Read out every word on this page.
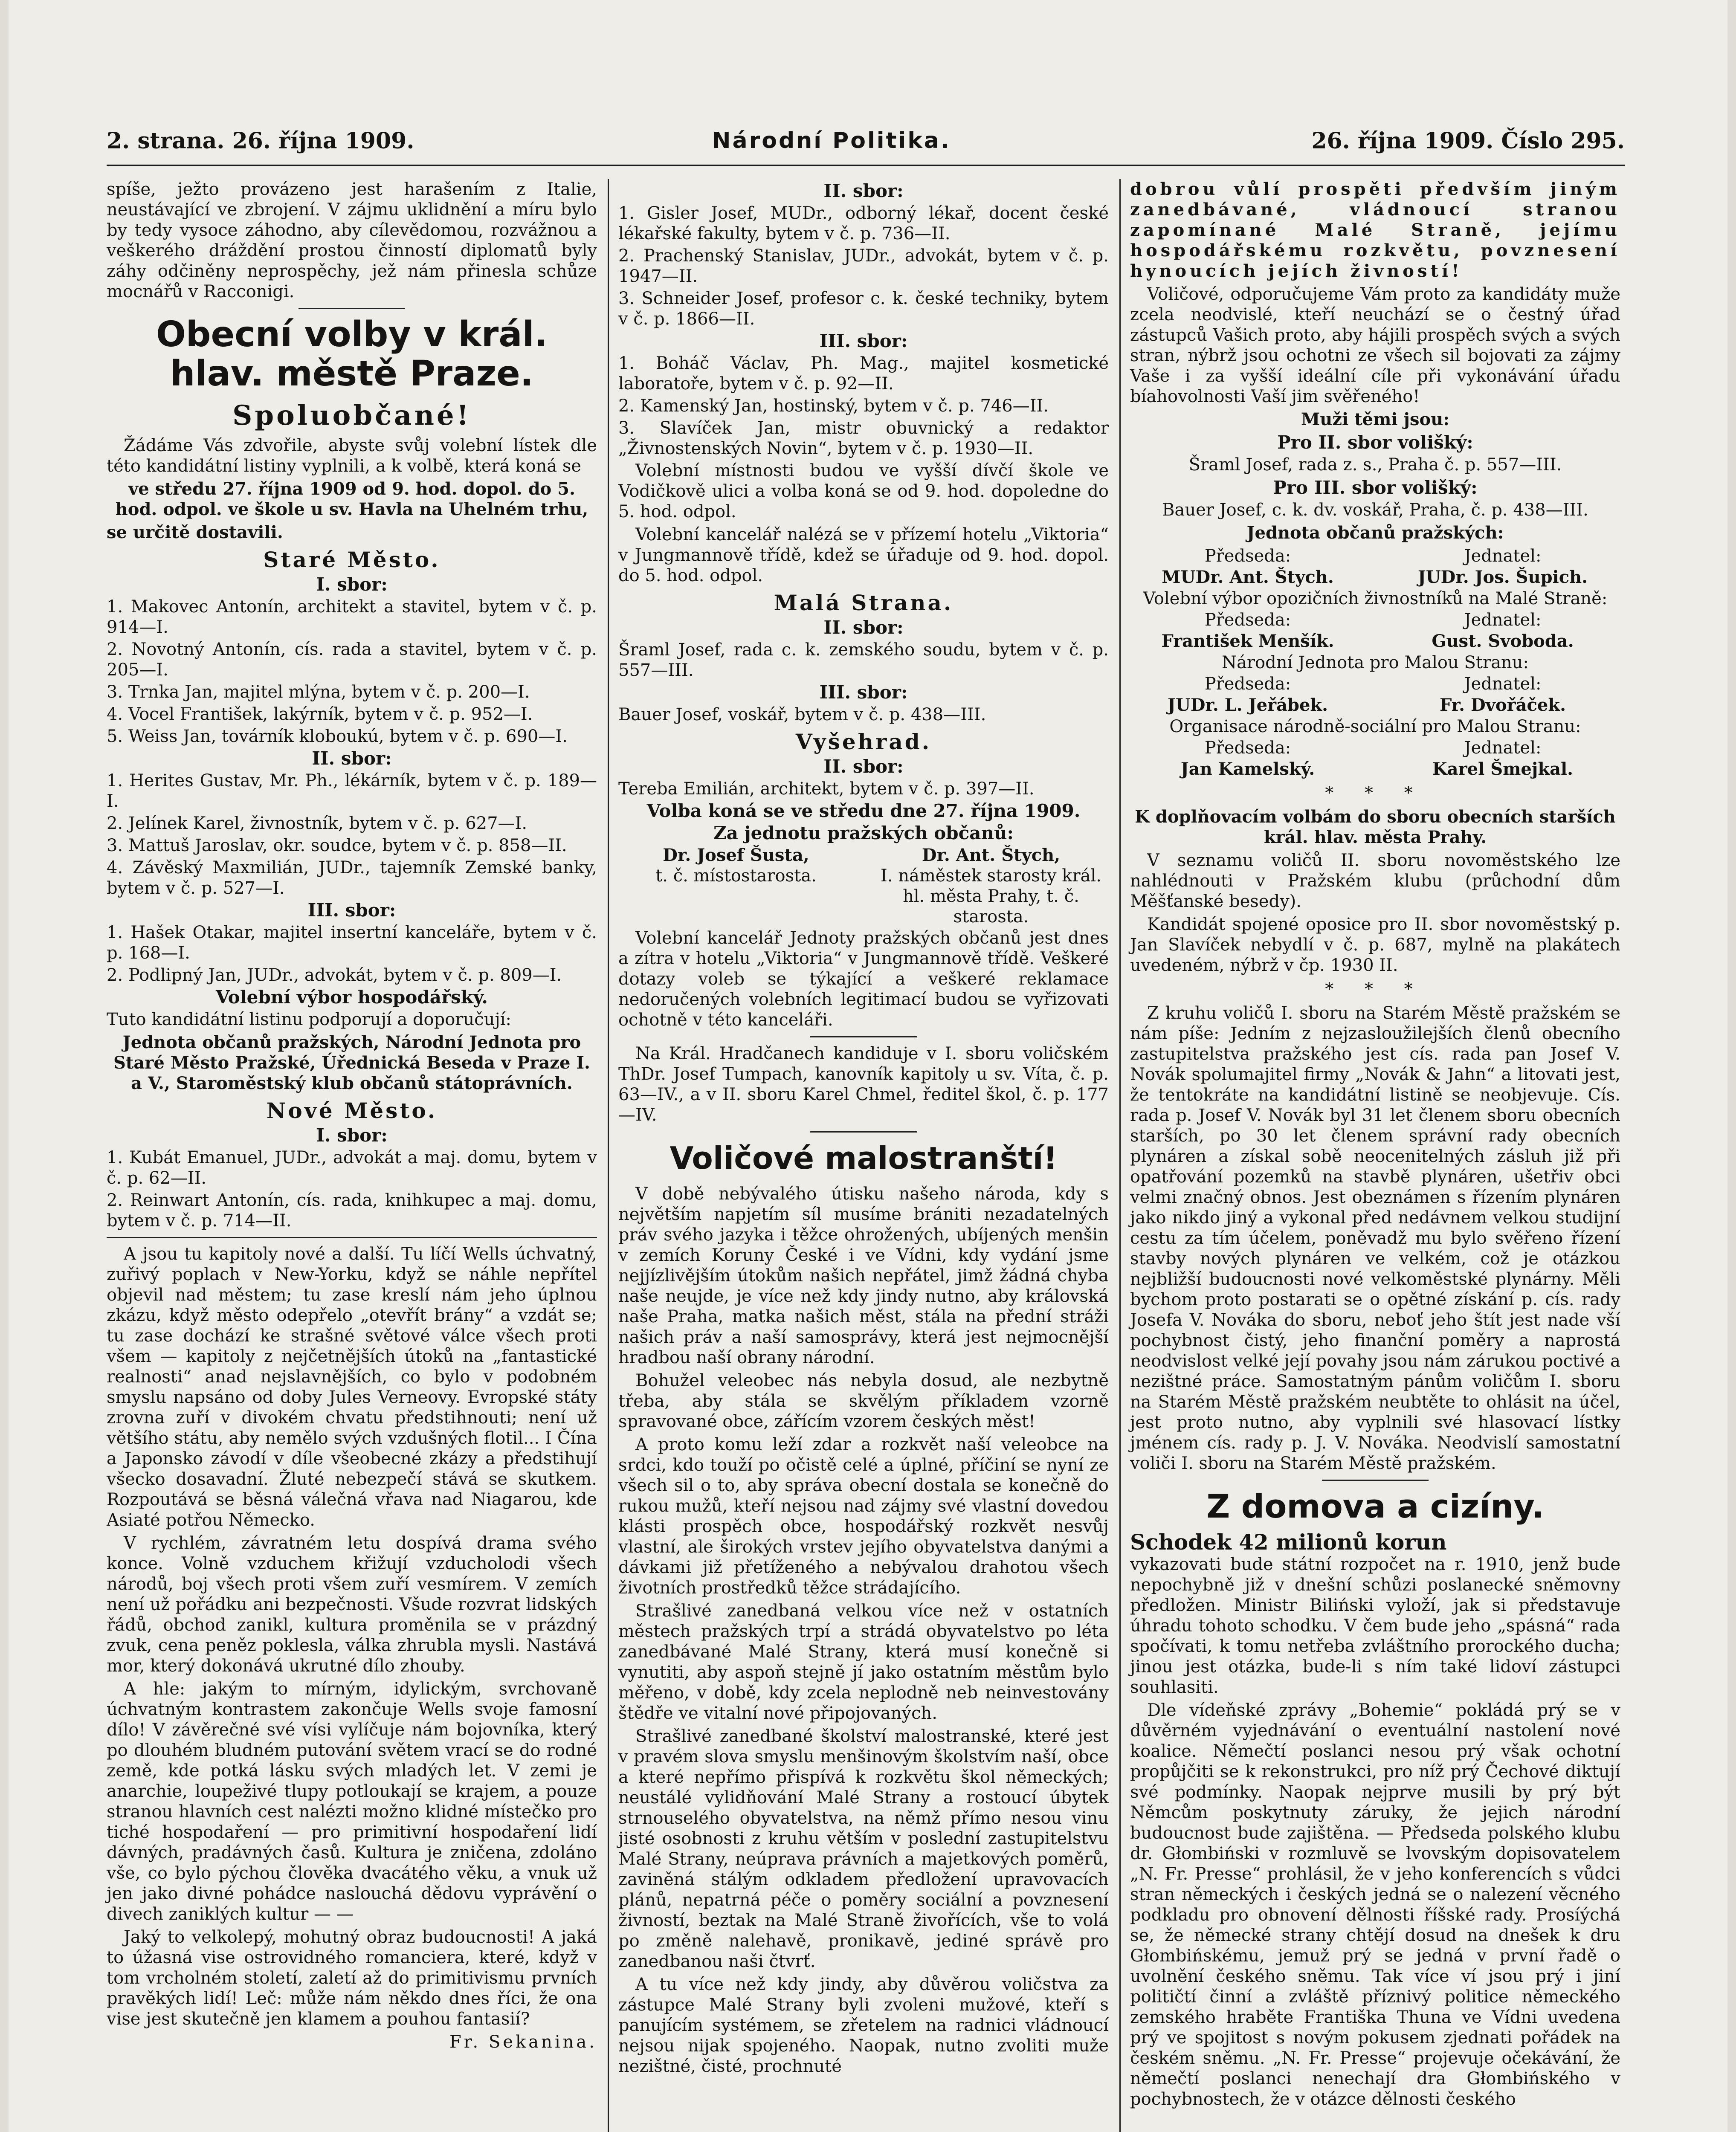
2. strana. 26. října 1909.	Národní Politika.	26. října 1909. Číslo 295.

spíše, ježto provázeno jest harašením z Italie, neustávající ve zbrojení. V zájmu uklidnění a míru bylo by tedy vysoce záhodno, aby cílevědomou, rozvážnou a veškerého dráždění prostou činností diplomatů byly záhy odčiněny neprospěchy, jež nám přinesla schůze mocnářů v Racconigi.

Obecní volby v král. hlav. městě Praze.
Spoluobčané!

Žádáme Vás zdvořile, abyste svůj volební lístek dle této kandidátní listiny vyplnili, a k volbě, která koná se

ve středu 27. října 1909 od 9. hod. dopol. do 5. hod. odpol. ve škole u sv. Havla na Uhelném trhu,

se určitě dostavili.

Staré Město.
I. sbor:

1. Makovec Antonín, architekt a stavitel, bytem v č. p. 914—I.

2. Novotný Antonín, cís. rada a stavitel, bytem v č. p. 205—I.

3. Trnka Jan, majitel mlýna, bytem v č. p. 200—I.

4. Vocel František, lakýrník, bytem v č. p. 952—I.

5. Weiss Jan, továrník kloboukú, bytem v č. p. 690—I.

II. sbor:

1. Herites Gustav, Mr. Ph., lékárník, bytem v č. p. 189—I.

2. Jelínek Karel, živnostník, bytem v č. p. 627—I.

3. Mattuš Jaroslav, okr. soudce, bytem v č. p. 858—II.

4. Závěský Maxmilián, JUDr., tajemník Zemské banky, bytem v č. p. 527—I.

III. sbor:

1. Hašek Otakar, majitel insertní kanceláře, bytem v č. p. 168—I.

2. Podlipný Jan, JUDr., advokát, bytem v č. p. 809—I.

Volební výbor hospodářský.

Tuto kandidátní listinu podporují a doporučují:

Jednota občanů pražských, Národní Jednota pro Staré Město Pražské, Úřednická Beseda v Praze I. a V., Staroměstský klub občanů státoprávních.

Nové Město.
I. sbor:

1. Kubát Emanuel, JUDr., advokát a maj. domu, bytem v č. p. 62—II.

2. Reinwart Antonín, cís. rada, knihkupec a maj. domu, bytem v č. p. 714—II.

A jsou tu kapitoly nové a další. Tu líčí Wells úchvatný, zuřivý poplach v New-Yorku, když se náhle nepřítel objevil nad městem; tu zase kreslí nám jeho úplnou zkázu, když město odepřelo „otevřít brány“ a vzdát se; tu zase dochází ke strašné světové válce všech proti všem — kapitoly z nejčetnějších útoků na „fantastické realnosti“ anad nejslavnějších, co bylo v podobném smyslu napsáno od doby Jules Verneovy. Evropské státy zrovna zuří v divokém chvatu předstihnouti; není už většího státu, aby nemělo svých vzdušných flotil... I Čína a Japonsko závodí v díle všeobecné zkázy a předstihují všecko dosavadní. Žluté nebezpečí stává se skutkem. Rozpoutává se běsná válečná vřava nad Niagarou, kde Asiaté potřou Německo.

V rychlém, závratném letu dospívá drama svého konce. Volně vzduchem křižují vzducholodi všech národů, boj všech proti všem zuří vesmírem. V zemích není už pořádku ani bezpečnosti. Všude rozvrat lidských řádů, obchod zanikl, kultura proměnila se v prázdný zvuk, cena peněz poklesla, válka zhrubla mysli. Nastává mor, který dokonává ukrutné dílo zhouby.

A hle: jakým to mírným, idylickým, svrchovaně úchvatným kontrastem zakončuje Wells svoje famosní dílo! V závěrečné své vísi vylíčuje nám bojovníka, který po dlouhém bludném putování světem vrací se do rodné země, kde potká lásku svých mladých let. V zemi je anarchie, loupeživé tlupy potloukají se krajem, a pouze stranou hlavních cest nalézti možno klidné místečko pro tiché hospodaření — pro primitivní hospodaření lidí dávných, pradávných časů. Kultura je zničena, zdoláno vše, co bylo pýchou člověka dvacátého věku, a vnuk už jen jako divné pohádce naslouchá dědovu vyprávění o divech zaniklých kultur — —

Jaký to velkolepý, mohutný obraz budoucnosti! A jaká to úžasná vise ostrovidného romanciera, které, když v tom vrcholném století, zaletí až do primitivismu prvních pravěkých lidí! Leč: může nám někdo dnes říci, že ona vise jest skutečně jen klamem a pouhou fantasií?

Fr. Sekanina.

II. sbor:

1. Gisler Josef, MUDr., odborný lékař, docent české lékařské fakulty, bytem v č. p. 736—II.

2. Prachenský Stanislav, JUDr., advokát, bytem v č. p. 1947—II.

3. Schneider Josef, profesor c. k. české techniky, bytem v č. p. 1866—II.

III. sbor:

1. Boháč Václav, Ph. Mag., majitel kosmetické laboratoře, bytem v č. p. 92—II.

2. Kamenský Jan, hostinský, bytem v č. p. 746—II.

3. Slavíček Jan, mistr obuvnický a redaktor „Živnostenských Novin“, bytem v č. p. 1930—II.

Volební místnosti budou ve vyšší dívčí škole ve Vodičkově ulici a volba koná se od 9. hod. dopoledne do 5. hod. odpol.

Volební kancelář nalézá se v přízemí hotelu „Viktoria“ v Jungmannově třídě, kdež se úřaduje od 9. hod. dopol. do 5. hod. odpol.

Malá Strana.
II. sbor:

Šraml Josef, rada c. k. zemského soudu, bytem v č. p. 557—III.

III. sbor:

Bauer Josef, voskář, bytem v č. p. 438—III.

Vyšehrad.
II. sbor:

Tereba Emilián, architekt, bytem v č. p. 397—II.

Volba koná se ve středu dne 27. října 1909.
Za jednotu pražských občanů:
Dr. Josef Šusta,
t. č. místostarosta.
Dr. Ant. Štych,
I. náměstek starosty král. hl. města Prahy, t. č. starosta.

Volební kancelář Jednoty pražských občanů jest dnes a zítra v hotelu „Viktoria“ v Jungmannově třídě. Veškeré dotazy voleb se týkající a veškeré reklamace nedoručených volebních legitimací budou se vyřizovati ochotně v této kanceláři.

Na Král. Hradčanech kandiduje v I. sboru voličském ThDr. Josef Tumpach, kanovník kapitoly u sv. Víta, č. p. 63—IV., a v II. sboru Karel Chmel, ředitel škol, č. p. 177—IV.

Voličové malostranští!

V době nebývalého útisku našeho národa, kdy s největším napjetím síl musíme brániti nezadatelných práv svého jazyka i těžce ohrožených, ubíjených menšin v zemích Koruny České i ve Vídni, kdy vydání jsme nejjízlivějším útokům našich nepřátel, jimž žádná chyba naše neujde, je více než kdy jindy nutno, aby královská naše Praha, matka našich měst, stála na přední stráži našich práv a naší samosprávy, která jest nejmocnější hradbou naší obrany národní.

Bohužel veleobec nás nebyla dosud, ale nezbytně třeba, aby stála se skvělým příkladem vzorně spravované obce, zářícím vzorem českých měst!

A proto komu leží zdar a rozkvět naší veleobce na srdci, kdo touží po očistě celé a úplné, příčiní se nyní ze všech sil o to, aby správa obecní dostala se konečně do rukou mužů, kteří nejsou nad zájmy své vlastní dovedou klásti prospěch obce, hospodářský rozkvět nesvůj vlastní, ale širokých vrstev jejího obyvatelstva danými a dávkami již přetíženého a nebývalou drahotou všech životních prostředků těžce strádajícího.

Strašlivé zanedbaná velkou více než v ostatních městech pražských trpí a strádá obyvatelstvo po léta zanedbávané Malé Strany, která musí konečně si vynutiti, aby aspoň stejně jí jako ostatním městům bylo měřeno, v době, kdy zcela neplodně neb neinvestovány štědře ve vitalní nové připojovaných.

Strašlivé zanedbané školství malostranské, které jest v pravém slova smyslu menšinovým školstvím naší, obce a které nepřímo přispívá k rozkvětu škol německých; neustálé vylidňování Malé Strany a rostoucí úbytek strnouselého obyvatelstva, na němž přímo nesou vinu jisté osobnosti z kruhu větším v poslední zastupitelstvu Malé Strany, neúprava právních a majetkových poměrů, zaviněná stálým odkladem předložení upravovacích plánů, nepatrná péče o poměry sociální a povznesení živností, beztak na Malé Straně živořících, vše to volá po změně nalehavě, pronikavě, jediné správě pro zanedbanou naši čtvrť.

A tu více než kdy jindy, aby důvěrou voličstva za zástupce Malé Strany byli zvoleni mužové, kteří s panujícím systémem, se zřetelem na radnici vládnoucí nejsou nijak spojeného. Naopak, nutno zvoliti muže nezištné, čisté, prochnuté

dobrou vůlí prospěti předvším jiným zanedbávané, vládnoucí stranou zapomínané Malé Straně, jejímu hospodářskému rozkvětu, povznesení hynoucích jejích živností!

Voličové, odporučujeme Vám proto za kandidáty muže zcela neodvislé, kteří neuchází se o čestný úřad zástupců Vašich proto, aby hájili prospěch svých a svých stran, nýbrž jsou ochotni ze všech sil bojovati za zájmy Vaše i za vyšší ideální cíle při vykonávání úřadu bíahovolnosti Vaší jim svěřeného!

Muži těmi jsou:
Pro II. sbor volišký:

Šraml Josef, rada z. s., Praha č. p. 557—III.

Pro III. sbor volišký:

Bauer Josef, c. k. dv. voskář, Praha, č. p. 438—III.

Jednota občanů pražských:
Předseda:	Jednatel:
MUDr. Ant. Štych.	JUDr. Jos. Šupich.
Volební výbor opozičních živnostníků na Malé Straně:
Předseda:	Jednatel:
František Menšík.	Gust. Svoboda.
Národní Jednota pro Malou Stranu:
Předseda:	Jednatel:
JUDr. L. Jeřábek.	Fr. Dvořáček.
Organisace národně-sociální pro Malou Stranu:
Předseda:	Jednatel:
Jan Kamelský.	Karel Šmejkal.
* * *
K doplňovacím volbám do sboru obecních starších král. hlav. města Prahy.

V seznamu voličů II. sboru novoměstského lze nahlédnouti v Pražském klubu (průchodní dům Měšťanské besedy).

Kandidát spojené oposice pro II. sbor novoměstský p. Jan Slavíček nebydlí v č. p. 687, mylně na plakátech uvedeném, nýbrž v čp. 1930 II.

* * *

Z kruhu voličů I. sboru na Starém Městě pražském se nám píše: Jedním z nejzasloužilejších členů obecního zastupitelstva pražského jest cís. rada pan Josef V. Novák spolumajitel firmy „Novák & Jahn“ a litovati jest, že tentokráte na kandidátní listině se neobjevuje. Cís. rada p. Josef V. Novák byl 31 let členem sboru obecních starších, po 30 let členem správní rady obecních plynáren a získal sobě neocenitelných zásluh již při opatřování pozemků na stavbě plynáren, ušetřiv obci velmi značný obnos. Jest obeznámen s řízením plynáren jako nikdo jiný a vykonal před nedávnem velkou studijní cestu za tím účelem, poněvadž mu bylo svěřeno řízení stavby nových plynáren ve velkém, což je otázkou nejbližší budoucnosti nové velkoměstské plynárny. Měli bychom proto postarati se o opětné získání p. cís. rady Josefa V. Nováka do sboru, neboť jeho štít jest nade vší pochybnost čistý, jeho finanční poměry a naprostá neodvislost velké její povahy jsou nám zárukou poctivé a nezištné práce. Samostatným pánům voličům I. sboru na Starém Městě pražském neubtěte to ohlásit na účel, jest proto nutno, aby vyplnili své hlasovací lístky jménem cís. rady p. J. V. Nováka. Neodvislí samostatní voliči I. sboru na Starém Městě pražském.

Z domova a cizíny.
Schodek 42 milionů korun

vykazovati bude státní rozpočet na r. 1910, jenž bude nepochybně již v dnešní schůzi poslanecké sněmovny předložen. Ministr Biliński vyloží, jak si představuje úhradu tohoto schodku. V čem bude jeho „spásná“ rada spočívati, k tomu netřeba zvláštního prorockého ducha; jinou jest otázka, bude-li s ním také lidoví zástupci souhlasiti.

Dle vídeňské zprávy „Bohemie“ pokládá prý se v důvěrném vyjednávání o eventuální nastolení nové koalice. Němečtí poslanci nesou prý však ochotní propůjčiti se k rekonstrukci, pro níž prý Čechové diktují své podmínky. Naopak nejprve musili by prý být Němcům poskytnuty záruky, že jejich národní budoucnost bude zajištěna. — Předseda polského klubu dr. Głombiński v rozmluvě se lvovským dopisovatelem „N. Fr. Presse“ prohlásil, že v jeho konferencích s vůdci stran německých i českých jedná se o nalezení věcného podkladu pro obnovení dělnosti říšské rady. Prosíýchá se, že německé strany chtějí dosud na dnešek k dru Głombińskému, jemuž prý se jedná v první řadě o uvolnění českého sněmu. Tak více ví jsou prý i jiní političtí činní a zvláště příznivý politice německého zemského hraběte Františka Thuna ve Vídni uvedena prý ve spojitost s novým pokusem zjednati pořádek na českém sněmu. „N. Fr. Presse“ projevuje očekávání, že němečtí poslanci nenechají dra Głombińského v pochybnostech, že v otázce dělnosti českého
